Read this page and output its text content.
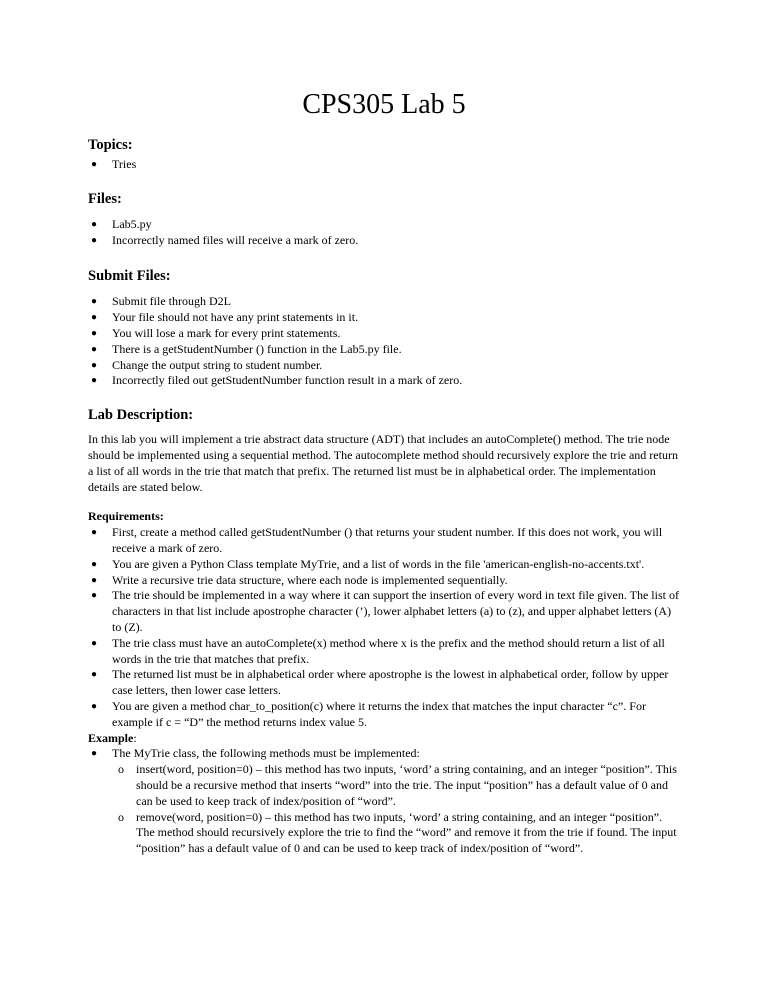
CPS305 Lab 5
Topics:
● Tries
Files:
● Lab5.py
● Incorrectly named files will receive a mark of zero.
Submit Files:
● Submit file through D2L
● Your file should not have any print statements in it.
● You will lose a mark for every print statements.
● There is a getStudentNumber () function in the Lab5.py file.
● Change the output string to student number.
● Incorrectly filed out getStudentNumber function result in a mark of zero.
Lab Description:

In this lab you will implement a trie abstract data structure (ADT) that includes an autoComplete() method. The trie node should be implemented using a sequential method. The autocomplete method should recursively explore the trie and return a list of all words in the trie that match that prefix. The returned list must be in alphabetical order. The implementation details are stated below.

Requirements:

● First, create a method called getStudentNumber () that returns your student number. If this does not work, you will receive a mark of zero.
● You are given a Python Class template MyTrie, and a list of words in the file 'american-english-no-accents.txt'.
● Write a recursive trie data structure, where each node is implemented sequentially.
● The trie should be implemented in a way where it can support the insertion of every word in text file given. The list of characters in that list include apostrophe character (’), lower alphabet letters (a) to (z), and upper alphabet letters (A) to (Z).
● The trie class must have an autoComplete(x) method where x is the prefix and the method should return a list of all words in the trie that matches that prefix.
● The returned list must be in alphabetical order where apostrophe is the lowest in alphabetical order, follow by upper case letters, then lower case letters.
● You are given a method char_to_position(c) where it returns the index that matches the input character “c”. For example if c = “D” the method returns index value 5.

Example:

● The MyTrie class, the following methods must be implemented:
o insert(word, position=0) – this method has two inputs, ‘word’ a string containing, and an integer “position”. This should be a recursive method that inserts “word” into the trie. The input “position” has a default value of 0 and can be used to keep track of index/position of “word”.
o remove(word, position=0) – this method has two inputs, ‘word’ a string containing, and an integer “position”. The method should recursively explore the trie to find the “word” and remove it from the trie if found. The input “position” has a default value of 0 and can be used to keep track of index/position of “word”.
